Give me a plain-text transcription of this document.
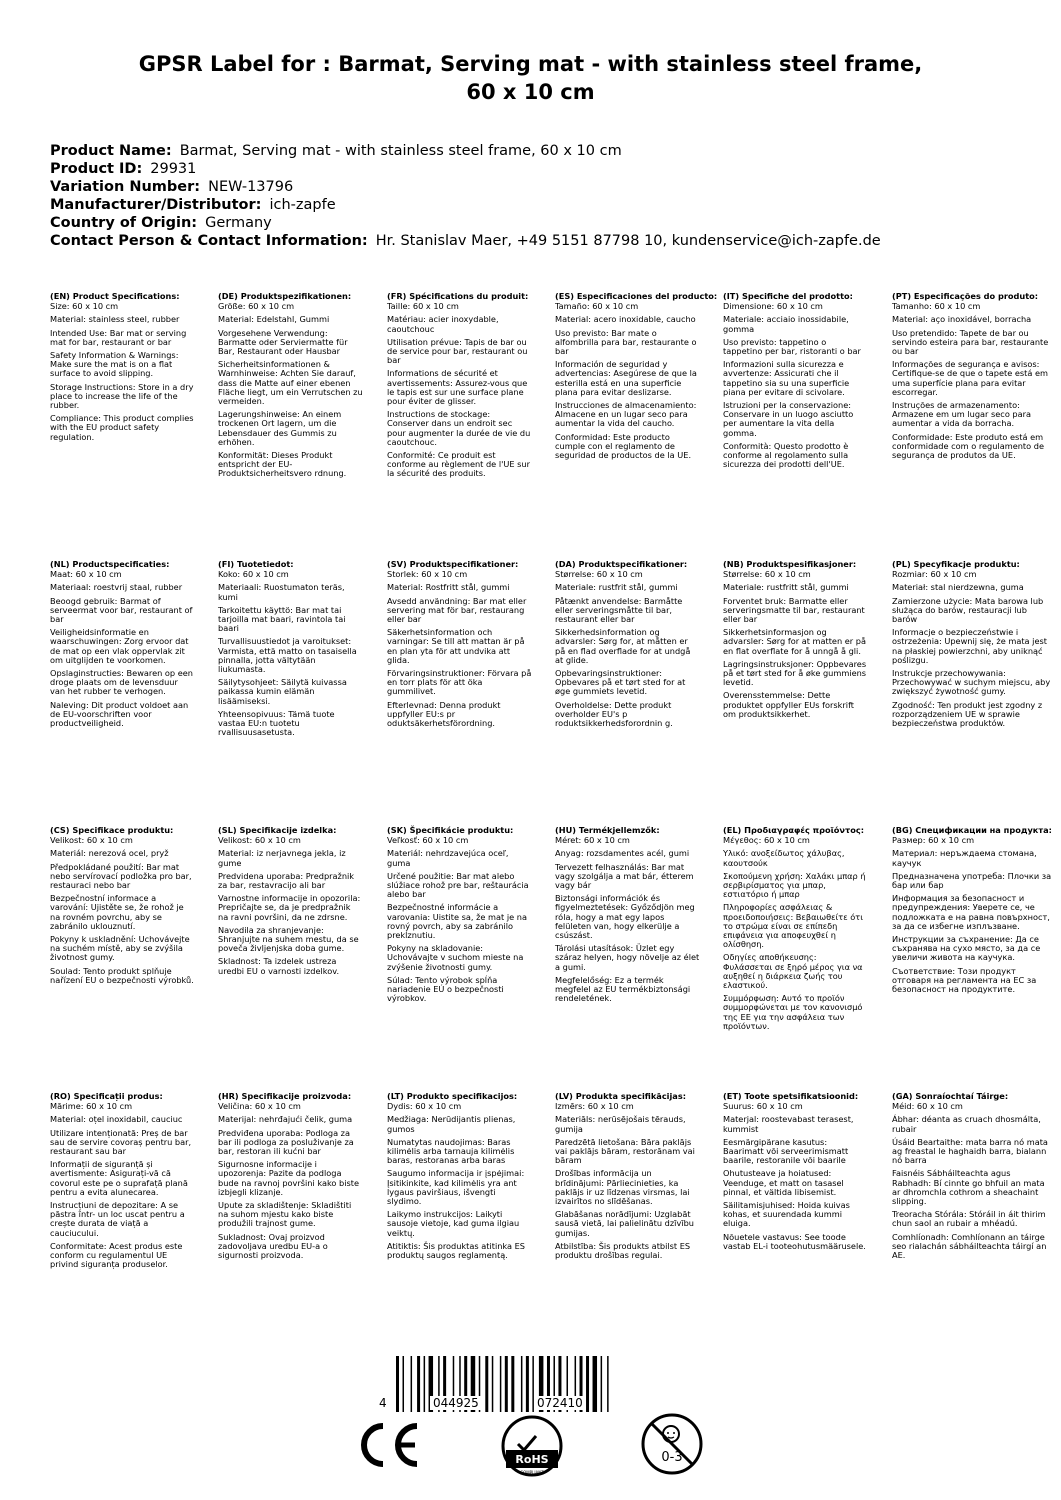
GPSR Label for : Barmat, Serving mat - with stainless steel frame,
60 x 10 cm
Product Name: Barmat, Serving mat - with stainless steel frame, 60 x 10 cm
Product ID: 29931
Variation Number: NEW-13796
Manufacturer/Distributor: ich-zapfe
Country of Origin: Germany
Contact Person & Contact Information: Hr. Stanislav Maer, +49 5151 87798 10, kundenservice@ich-zapfe.de
(EN) Product Specifications:
Size: 60 x 10 cm
Material: stainless steel, rubber
Intended Use: Bar mat or serving mat for bar, restaurant or bar
Safety Information & Warnings: Make sure the mat is on a flat surface to avoid slipping.
Storage Instructions: Store in a dry place to increase the life of the rubber.
Compliance: This product complies with the EU product safety regulation.
(DE) Produktspezifikationen:
Größe: 60 x 10 cm
Material: Edelstahl, Gummi
Vorgesehene Verwendung: Barmatte oder Serviermatte für Bar, Restaurant oder Hausbar
Sicherheitsinformationen & Warnhinweise: Achten Sie darauf, dass die Matte auf einer ebenen Fläche liegt, um ein Verrutschen zu vermeiden.
Lagerungshinweise: An einem trockenen Ort lagern, um die Lebensdauer des Gummis zu erhöhen.
Konformität: Dieses Produkt entspricht der EU-Produktsicherheitsvero rdnung.
(FR) Spécifications du produit:
Taille: 60 x 10 cm
Matériau: acier inoxydable, caoutchouc
Utilisation prévue: Tapis de bar ou de service pour bar, restaurant ou bar
Informations de sécurité et avertissements: Assurez-vous que le tapis est sur une surface plane pour éviter de glisser.
Instructions de stockage: Conserver dans un endroit sec pour augmenter la durée de vie du caoutchouc.
Conformité: Ce produit est conforme au règlement de l'UE sur la sécurité des produits.
(ES) Especificaciones del producto:
Tamaño: 60 x 10 cm
Material: acero inoxidable, caucho
Uso previsto: Bar mate o alfombrilla para bar, restaurante o bar
Información de seguridad y advertencias: Asegúrese de que la esterilla está en una superficie plana para evitar deslizarse.
Instrucciones de almacenamiento: Almacene en un lugar seco para aumentar la vida del caucho.
Conformidad: Este producto cumple con el reglamento de seguridad de productos de la UE.
(IT) Specifiche del prodotto:
Dimensione: 60 x 10 cm
Materiale: acciaio inossidabile, gomma
Uso previsto: tappetino o tappetino per bar, ristoranti o bar
Informazioni sulla sicurezza e avvertenze: Assicurati che il tappetino sia su una superficie piana per evitare di scivolare.
Istruzioni per la conservazione: Conservare in un luogo asciutto per aumentare la vita della gomma.
Conformità: Questo prodotto è conforme al regolamento sulla sicurezza dei prodotti dell'UE.
(PT) Especificações do produto:
Tamanho: 60 x 10 cm
Material: aço inoxidável, borracha
Uso pretendido: Tapete de bar ou servindo esteira para bar, restaurante ou bar
Informações de segurança e avisos: Certifique-se de que o tapete está em uma superfície plana para evitar escorregar.
Instruções de armazenamento: Armazene em um lugar seco para aumentar a vida da borracha.
Conformidade: Este produto está em conformidade com o regulamento de segurança de produtos da UE.
(NL) Productspecificaties:
Maat: 60 x 10 cm
Materiaal: roestvrij staal, rubber
Beoogd gebruik: Barmat of serveermat voor bar, restaurant of bar
Veiligheidsinformatie en waarschuwingen: Zorg ervoor dat de mat op een vlak oppervlak zit om uitglijden te voorkomen.
Opslaginstructies: Bewaren op een droge plaats om de levensduur van het rubber te verhogen.
Naleving: Dit product voldoet aan de EU-voorschriften voor productveiligheid.
(FI) Tuotetiedot:
Koko: 60 x 10 cm
Materiaali: Ruostumaton teräs, kumi
Tarkoitettu käyttö: Bar mat tai tarjoilla mat baari, ravintola tai baari
Turvallisuustiedot ja varoitukset: Varmista, että matto on tasaisella pinnalla, jotta vältytään liukumasta.
Säilytysohjeet: Säilytä kuivassa paikassa kumin elämän lisäämiseksi.
Yhteensopivuus: Tämä tuote vastaa EU:n tuotetu rvallisuusasetusta.
(SV) Produktspecifikationer:
Storlek: 60 x 10 cm
Material: Rostfritt stål, gummi
Avsedd användning: Bar mat eller servering mat för bar, restaurang eller bar
Säkerhetsinformation och varningar: Se till att mattan är på en plan yta för att undvika att glida.
Förvaringsinstruktioner: Förvara på en torr plats för att öka gummilivet.
Efterlevnad: Denna produkt uppfyller EU:s pr oduktsäkerhetsförordning.
(DA) Produktspecifikationer:
Størrelse: 60 x 10 cm
Materiale: rustfrit stål, gummi
Påtænkt anvendelse: Barmåtte eller serveringsmåtte til bar, restaurant eller bar
Sikkerhedsinformation og advarsler: Sørg for, at måtten er på en flad overflade for at undgå at glide.
Opbevaringsinstruktioner: Opbevares på et tørt sted for at øge gummiets levetid.
Overholdelse: Dette produkt overholder EU's p roduktsikkerhedsforordnin g.
(NB) Produktspesifikasjoner:
Størrelse: 60 x 10 cm
Materiale: rustfritt stål, gummi
Forventet bruk: Barmatte eller serveringsmatte til bar, restaurant eller bar
Sikkerhetsinformasjon og advarsler: Sørg for at matten er på en flat overflate for å unngå å gli.
Lagringsinstruksjoner: Oppbevares på et tørt sted for å øke gummiens levetid.
Overensstemmelse: Dette produktet oppfyller EUs forskrift om produktsikkerhet.
(PL) Specyfikacje produktu:
Rozmiar: 60 x 10 cm
Materiał: stal nierdzewna, guma
Zamierzone użycie: Mata barowa lub służąca do barów, restauracji lub barów
Informacje o bezpieczeństwie i ostrzeżenia: Upewnij się, że mata jest na płaskiej powierzchni, aby uniknąć poślizgu.
Instrukcje przechowywania: Przechowywać w suchym miejscu, aby zwiększyć żywotność gumy.
Zgodność: Ten produkt jest zgodny z rozporządzeniem UE w sprawie bezpieczeństwa produktów.
(CS) Specifikace produktu:
Velikost: 60 x 10 cm
Materiál: nerezová ocel, pryž
Předpokládané použití: Bar mat nebo servírovací podložka pro bar, restauraci nebo bar
Bezpečnostní informace a varování: Ujistěte se, že rohož je na rovném povrchu, aby se zabránilo uklouznutí.
Pokyny k uskladnění: Uchovávejte na suchém místě, aby se zvýšila životnost gumy.
Soulad: Tento produkt splňuje nařízení EU o bezpečnosti výrobků.
(SL) Specifikacije izdelka:
Velikost: 60 x 10 cm
Material: iz nerjavnega jekla, iz gume
Predvidena uporaba: Predpražnik za bar, restavracijo ali bar
Varnostne informacije in opozorila: Prepričajte se, da je predpražnik na ravni površini, da ne zdrsne.
Navodila za shranjevanje: Shranjujte na suhem mestu, da se poveča življenjska doba gume.
Skladnost: Ta izdelek ustreza uredbi EU o varnosti izdelkov.
(SK) Špecifikácie produktu:
Veľkosť: 60 x 10 cm
Materiál: nehrdzavejúca oceľ, guma
Určené použitie: Bar mat alebo slúžiace rohož pre bar, reštaurácia alebo bar
Bezpečnostné informácie a varovania: Uistite sa, že mat je na rovný povrch, aby sa zabránilo prekĺznutiu.
Pokyny na skladovanie: Uchovávajte v suchom mieste na zvýšenie životnosti gumy.
Súlad: Tento výrobok spĺňa nariadenie EÚ o bezpečnosti výrobkov.
(HU) Termékjellemzők:
Méret: 60 x 10 cm
Anyag: rozsdamentes acél, gumi
Tervezett felhasználás: Bar mat vagy szolgálja a mat bár, étterem vagy bár
Biztonsági információk és figyelmeztetések: Győződjön meg róla, hogy a mat egy lapos felületen van, hogy elkerülje a csúszást.
Tárolási utasítások: Üzlet egy száraz helyen, hogy növelje az élet a gumi.
Megfelelőség: Ez a termék megfelel az EU termékbiztonsági rendeletének.
(EL) Προδιαγραφές προϊόντος:
Μέγεθος: 60 x 10 cm
Υλικό: ανοξείδωτος χάλυβας, καουτσούκ
Σκοπούμενη χρήση: Χαλάκι μπαρ ή σερβιρίσματος για μπαρ, εστιατόριο ή μπαρ
Πληροφορίες ασφάλειας & προειδοποιήσεις: Βεβαιωθείτε ότι το στρώμα είναι σε επίπεδη επιφάνεια για αποφευχθεί η ολίσθηση.
Οδηγίες αποθήκευσης: Φυλάσσεται σε ξηρό μέρος για να αυξηθεί η διάρκεια ζωής του ελαστικού.
Συμμόρφωση: Αυτό το προϊόν συμμορφώνεται με τον κανονισμό της ΕΕ για την ασφάλεια των προϊόντων.
(BG) Спецификации на продукта:
Размер: 60 x 10 cm
Материал: неръждаема стомана, каучук
Предназначена употреба: Плочки за бар или бар
Информация за безопасност и предупреждения: Уверете се, че подложката е на равна повърхност, за да се избегне изплъзване.
Инструкции за съхранение: Да се съхранява на сухо място, за да се увеличи живота на каучука.
Съответствие: Този продукт отговаря на регламента на ЕС за безопасност на продуктите.
(RO) Specificații produs:
Mărime: 60 x 10 cm
Material: oțel inoxidabil, cauciuc
Utilizare intenționată: Preș de bar sau de servire covoraș pentru bar, restaurant sau bar
Informații de siguranță și avertismente: Asigurați-vă că covorul este pe o suprafață plană pentru a evita alunecarea.
Instrucțiuni de depozitare: A se păstra într- un loc uscat pentru a crește durata de viață a cauciucului.
Conformitate: Acest produs este conform cu regulamentul UE privind siguranța produselor.
(HR) Specifikacije proizvoda:
Veličina: 60 x 10 cm
Materijal: nehrđajući čelik, guma
Predviđena uporaba: Podloga za bar ili podloga za posluživanje za bar, restoran ili kućni bar
Sigurnosne informacije i upozorenja: Pazite da podloga bude na ravnoj površini kako biste izbjegli klizanje.
Upute za skladištenje: Skladištiti na suhom mjestu kako biste produžili trajnost gume.
Sukladnost: Ovaj proizvod zadovoljava uredbu EU-a o sigurnosti proizvoda.
(LT) Produkto specifikacijos:
Dydis: 60 x 10 cm
Medžiaga: Nerūdijantis plienas, gumos
Numatytas naudojimas: Baras kilimėlis arba tarnauja kilimėlis baras, restoranas arba baras
Saugumo informacija ir įspėjimai: Įsitikinkite, kad kilimėlis yra ant lygaus paviršiaus, išvengti slydimo.
Laikymo instrukcijos: Laikyti sausoje vietoje, kad guma ilgiau veiktų.
Atitiktis: Šis produktas atitinka ES produktų saugos reglamentą.
(LV) Produkta specifikācijas:
Izmērs: 60 x 10 cm
Materiāls: nerūsējošais tērauds, gumija
Paredzētā lietošana: Bāra paklājs vai paklājs bāram, restorānam vai bāram
Drošības informācija un brīdinājumi: Pārliecinieties, ka paklājs ir uz līdzenas virsmas, lai izvairītos no slīdēšanas.
Glabāšanas norādījumi: Uzglabāt sausā vietā, lai palielinātu dzīvību gumijas.
Atbilstība: Šis produkts atbilst ES produktu drošības regulai.
(ET) Toote spetsifikatsioonid:
Suurus: 60 x 10 cm
Materjal: roostevabast terasest, kummist
Eesmärgipärane kasutus: Baarimatt või serveerimismatt baarile, restoranile või baarile
Ohutusteave ja hoiatused: Veenduge, et matt on tasasel pinnal, et vältida libisemist.
Säilitamisjuhised: Hoida kuivas kohas, et suurendada kummi eluiga.
Nõuetele vastavus: See toode vastab EL-i tooteohutusmäärusele.
(GA) Sonraíochtaí Táirge:
Méid: 60 x 10 cm
Ábhar: déanta as cruach dhosmálta, rubair
Úsáid Beartaithe: mata barra nó mata ag freastal le haghaidh barra, bialann nó barra
Faisnéis Sábháilteachta agus Rabhadh: Bí cinnte go bhfuil an mata ar dhromchla cothrom a sheachaint slipping.
Treoracha Stórála: Stóráil in áit thirim chun saol an rubair a mhéadú.
Comhlíonadh: Comhlíonann an táirge seo rialachán sábháilteachta táirgí an AE.
4	044925	072410
RoHS
COMPLIANT
0-3
